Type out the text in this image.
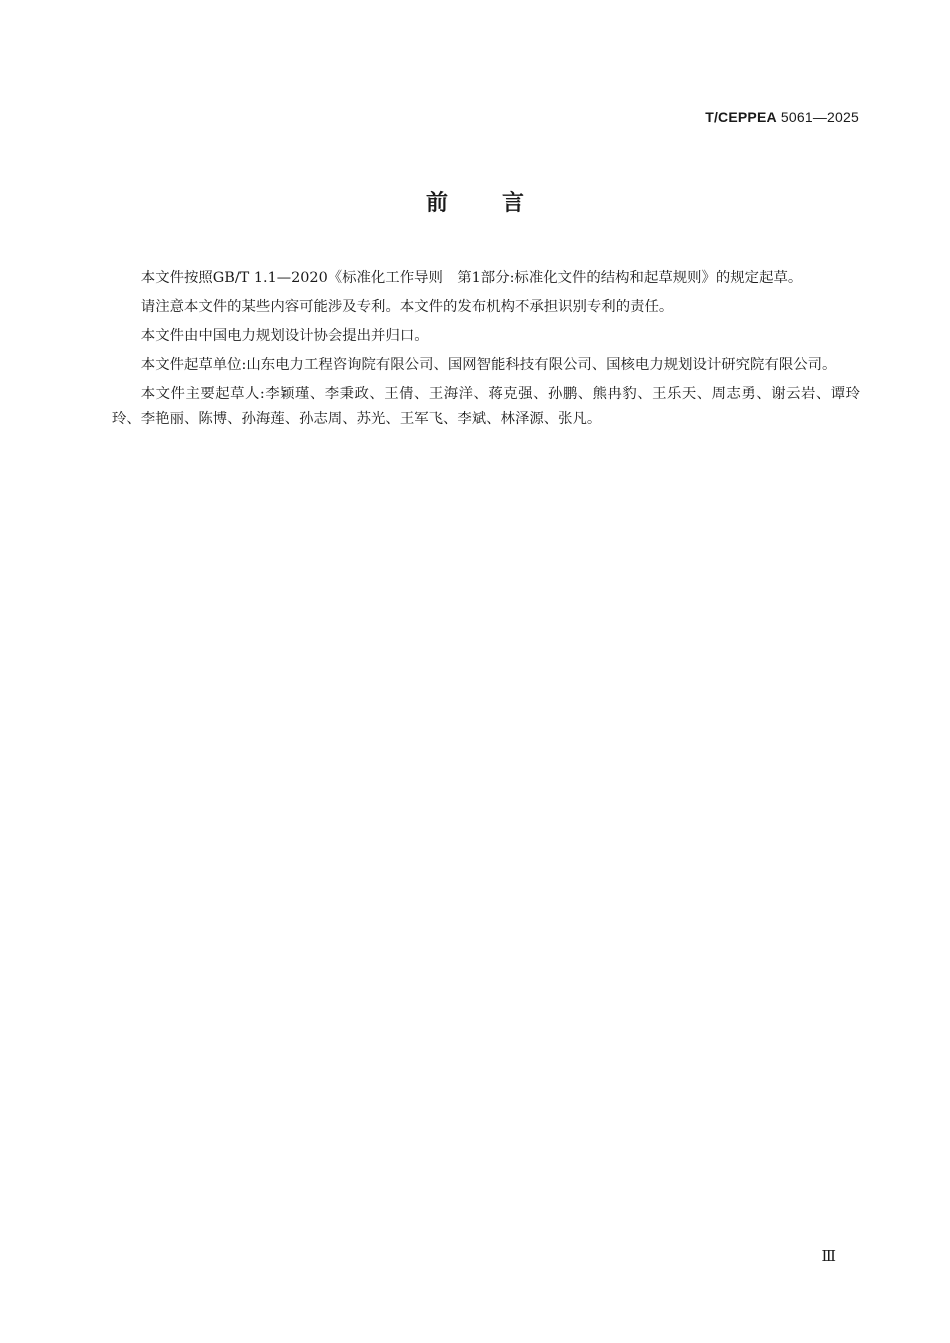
T/CEPPEA 5061—2025
前言

本文件按照GB/T 1.1—2020《标准化工作导则　第1部分:标准化文件的结构和起草规则》的规定起草。

请注意本文件的某些内容可能涉及专利。本文件的发布机构不承担识别专利的责任。

本文件由中国电力规划设计协会提出并归口。

本文件起草单位:山东电力工程咨询院有限公司、国网智能科技有限公司、国核电力规划设计研究院有限公司。

本文件主要起草人:李颖瑾、李秉政、王倩、王海洋、蒋克强、孙鹏、熊冉豹、王乐天、周志勇、谢云岩、谭玲玲、李艳丽、陈博、孙海莲、孙志周、苏光、王军飞、李斌、林泽源、张凡。

Ⅲ
